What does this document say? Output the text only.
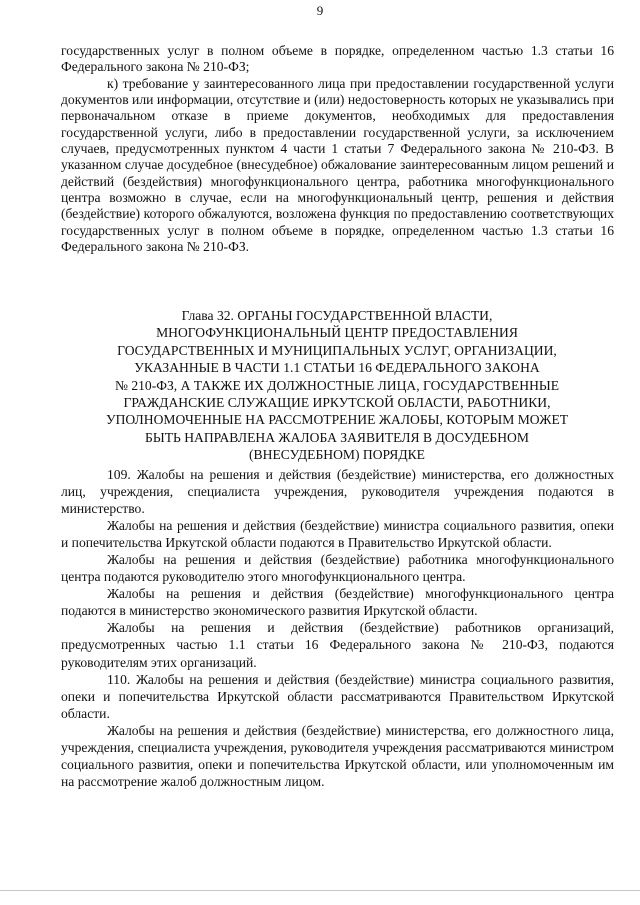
9

государственных услуг в полном объеме в порядке, определенном частью 1.3 статьи 16 Федерального закона № 210-ФЗ;

к) требование у заинтересованного лица при предоставлении государственной услуги документов или информации, отсутствие и (или) недостоверность которых не указывались при первоначальном отказе в приеме документов, необходимых для предоставления государственной услуги, либо в предоставлении государственной услуги, за исключением случаев, предусмотренных пунктом 4 части 1 статьи 7 Федерального закона № 210-ФЗ. В указанном случае досудебное (внесудебное) обжалование заинтересованным лицом решений и действий (бездействия) многофункционального центра, работника многофункционального центра возможно в случае, если на многофункциональный центр, решения и действия (бездействие) которого обжалуются, возложена функция по предоставлению соответствующих государственных услуг в полном объеме в порядке, определенном частью 1.3 статьи 16 Федерального закона № 210-ФЗ.

Глава 32. ОРГАНЫ ГОСУДАРСТВЕННОЙ ВЛАСТИ,
МНОГОФУНКЦИОНАЛЬНЫЙ ЦЕНТР ПРЕДОСТАВЛЕНИЯ
ГОСУДАРСТВЕННЫХ И МУНИЦИПАЛЬНЫХ УСЛУГ, ОРГАНИЗАЦИИ,
УКАЗАННЫЕ В ЧАСТИ 1.1 СТАТЬИ 16 ФЕДЕРАЛЬНОГО ЗАКОНА
№ 210-ФЗ, А ТАКЖЕ ИХ ДОЛЖНОСТНЫЕ ЛИЦА, ГОСУДАРСТВЕННЫЕ
ГРАЖДАНСКИЕ СЛУЖАЩИЕ ИРКУТСКОЙ ОБЛАСТИ, РАБОТНИКИ,
УПОЛНОМОЧЕННЫЕ НА РАССМОТРЕНИЕ ЖАЛОБЫ, КОТОРЫМ МОЖЕТ
БЫТЬ НАПРАВЛЕНА ЖАЛОБА ЗАЯВИТЕЛЯ В ДОСУДЕБНОМ
(ВНЕСУДЕБНОМ) ПОРЯДКЕ

109. Жалобы на решения и действия (бездействие) министерства, его должностных лиц, учреждения, специалиста учреждения, руководителя учреждения подаются в министерство.

Жалобы на решения и действия (бездействие) министра социального развития, опеки и попечительства Иркутской области подаются в Правительство Иркутской области.

Жалобы на решения и действия (бездействие) работника многофункционального центра подаются руководителю этого многофункционального центра.

Жалобы на решения и действия (бездействие) многофункционального центра подаются в министерство экономического развития Иркутской области.

Жалобы на решения и действия (бездействие) работников организаций, предусмотренных частью 1.1 статьи 16 Федерального закона № 210-ФЗ, подаются руководителям этих организаций.

110. Жалобы на решения и действия (бездействие) министра социального развития, опеки и попечительства Иркутской области рассматриваются Правительством Иркутской области.

Жалобы на решения и действия (бездействие) министерства, его должностного лица, учреждения, специалиста учреждения, руководителя учреждения рассматриваются министром социального развития, опеки и попечительства Иркутской области, или уполномоченным им на рассмотрение жалоб должностным лицом.
